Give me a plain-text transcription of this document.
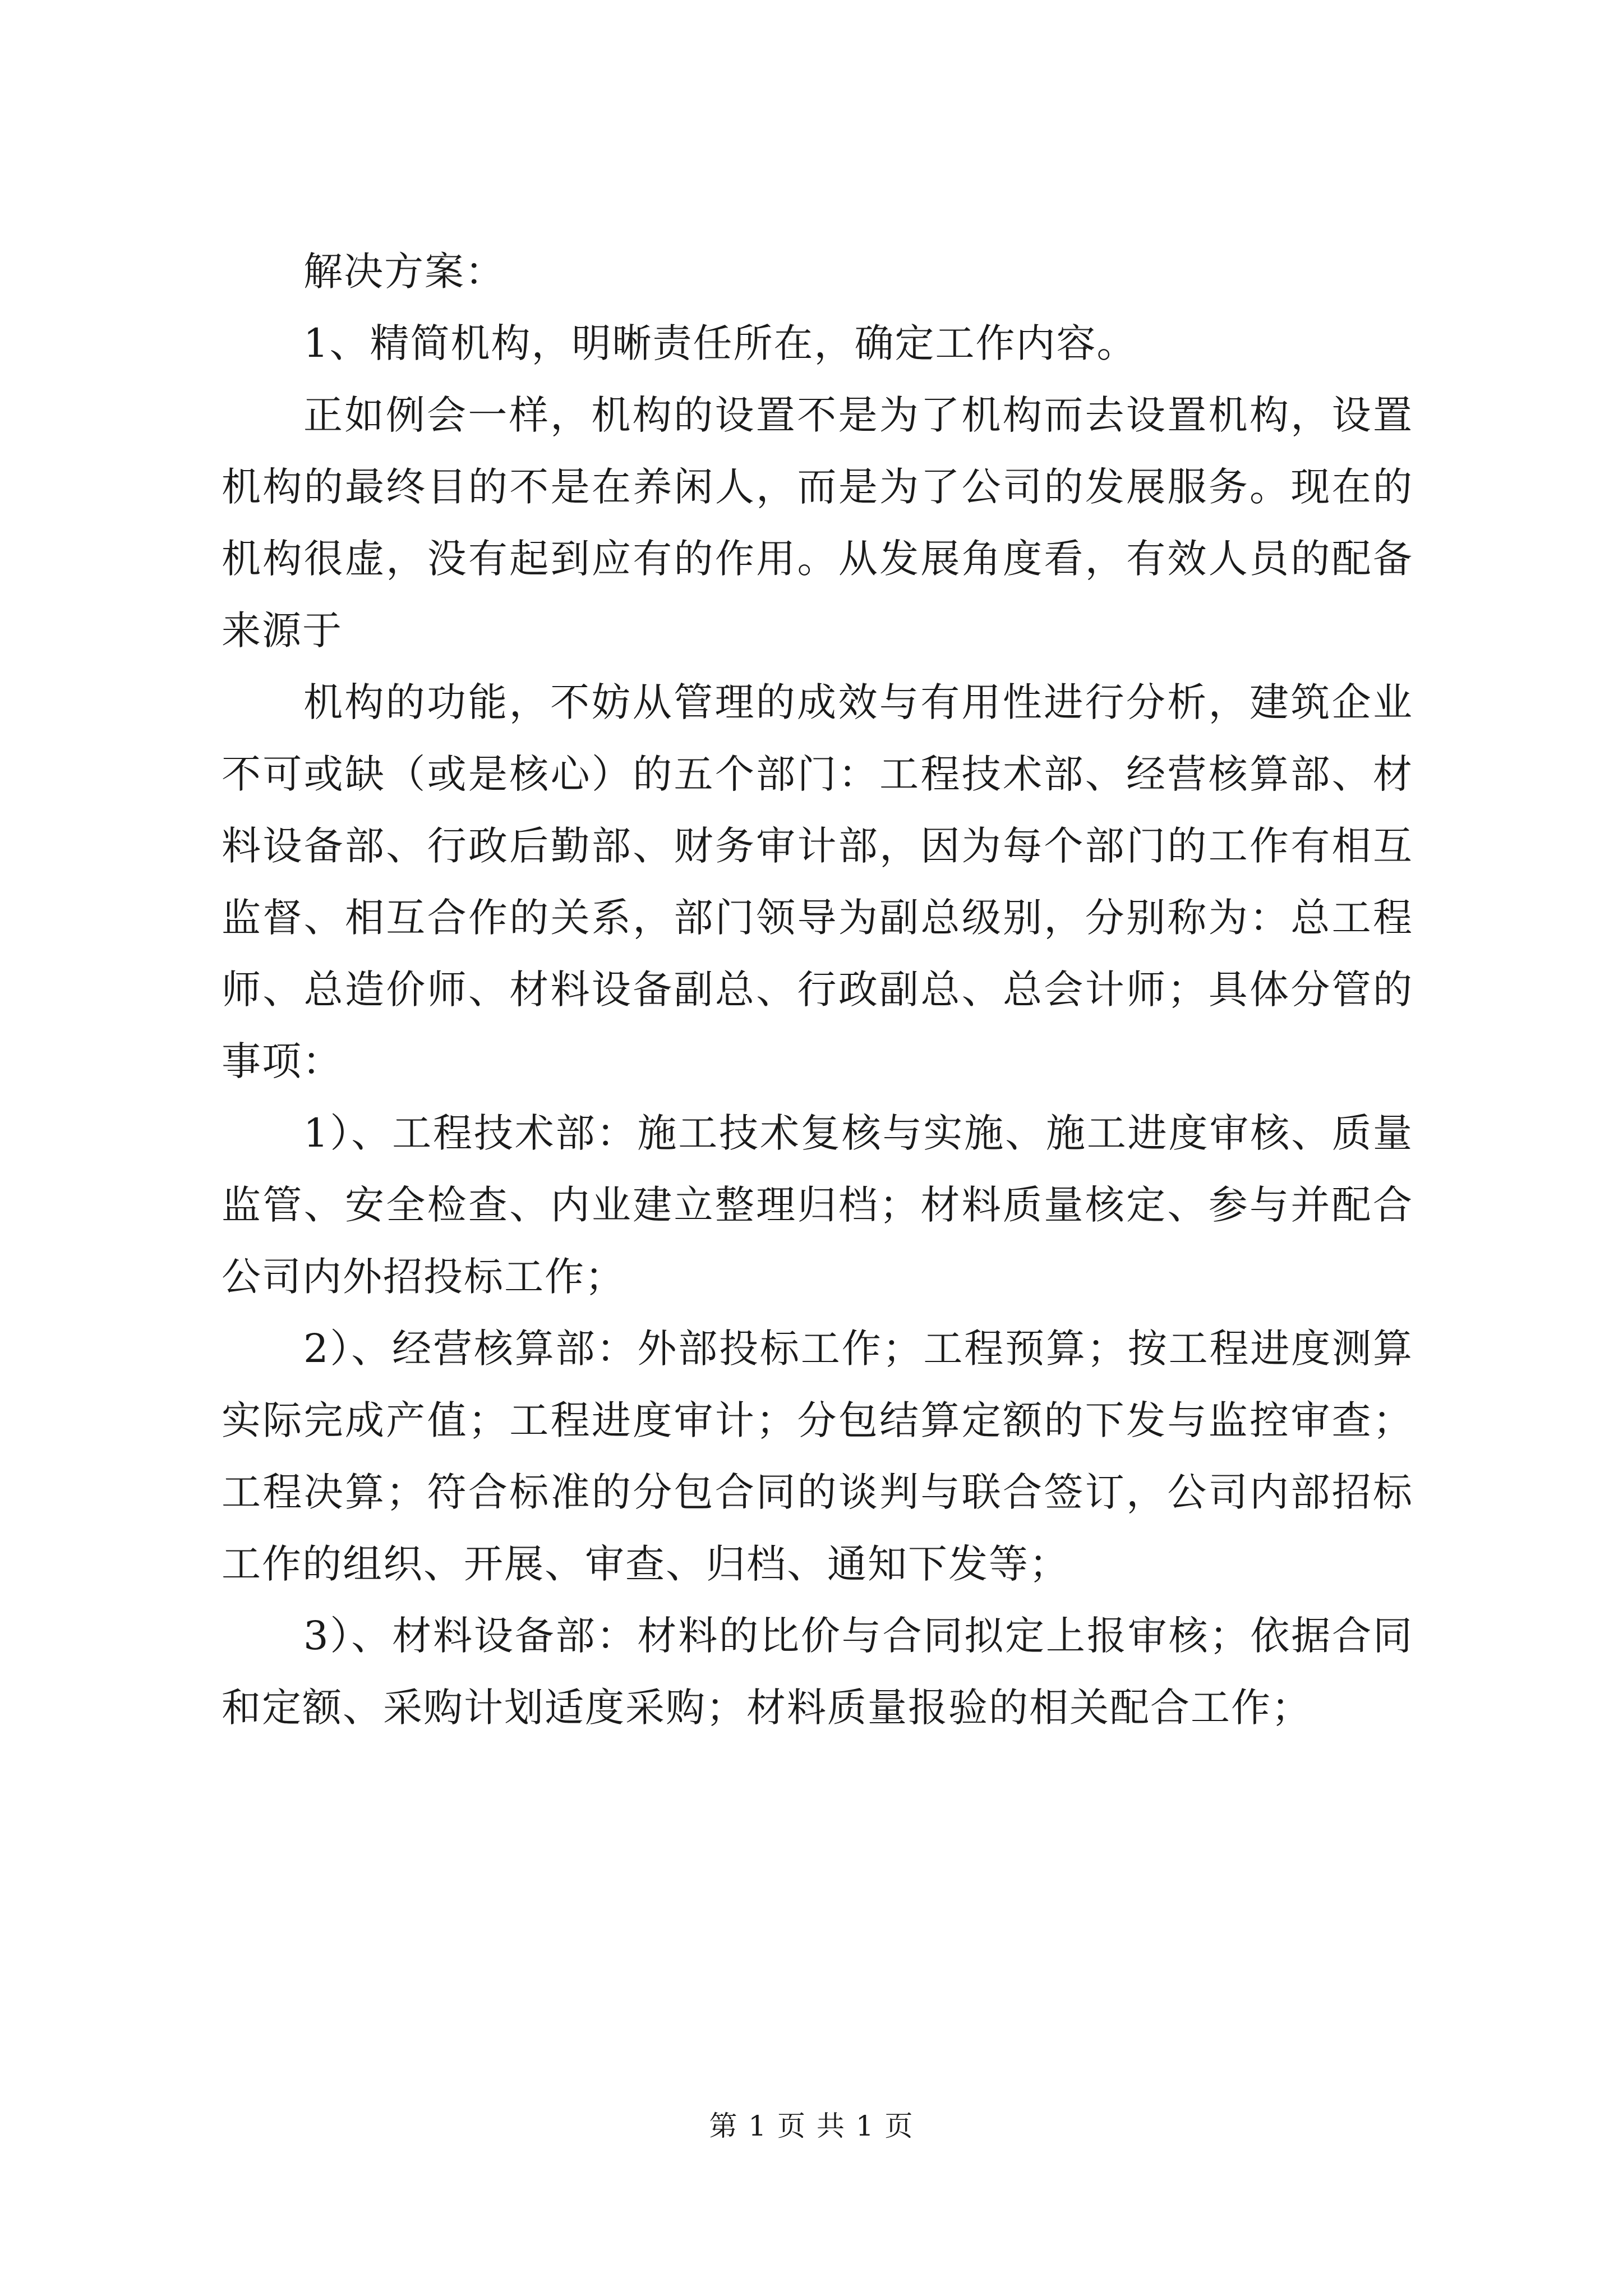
解决方案：

1、精简机构，明晰责任所在，确定工作内容。

正如例会一样，机构的设置不是为了机构而去设置机构，设置机构的最终目的不是在养闲人，而是为了公司的发展服务。现在的机构很虚，没有起到应有的作用。从发展角度看，有效人员的配备来源于

机构的功能，不妨从管理的成效与有用性进行分析，建筑企业不可或缺（或是核心）的五个部门：工程技术部、经营核算部、材料设备部、行政后勤部、财务审计部，因为每个部门的工作有相互监督、相互合作的关系，部门领导为副总级别，分别称为：总工程师、总造价师、材料设备副总、行政副总、总会计师；具体分管的事项：

1）、工程技术部：施工技术复核与实施、施工进度审核、质量监管、安全检查、内业建立整理归档；材料质量核定、参与并配合公司内外招投标工作；

2）、经营核算部：外部投标工作；工程预算；按工程进度测算实际完成产值；工程进度审计；分包结算定额的下发与监控审查；工程决算；符合标准的分包合同的谈判与联合签订，公司内部招标工作的组织、开展、审查、归档、通知下发等；

3）、材料设备部：材料的比价与合同拟定上报审核；依据合同和定额、采购计划适度采购；材料质量报验的相关配合工作；

第 1 页 共 1 页
